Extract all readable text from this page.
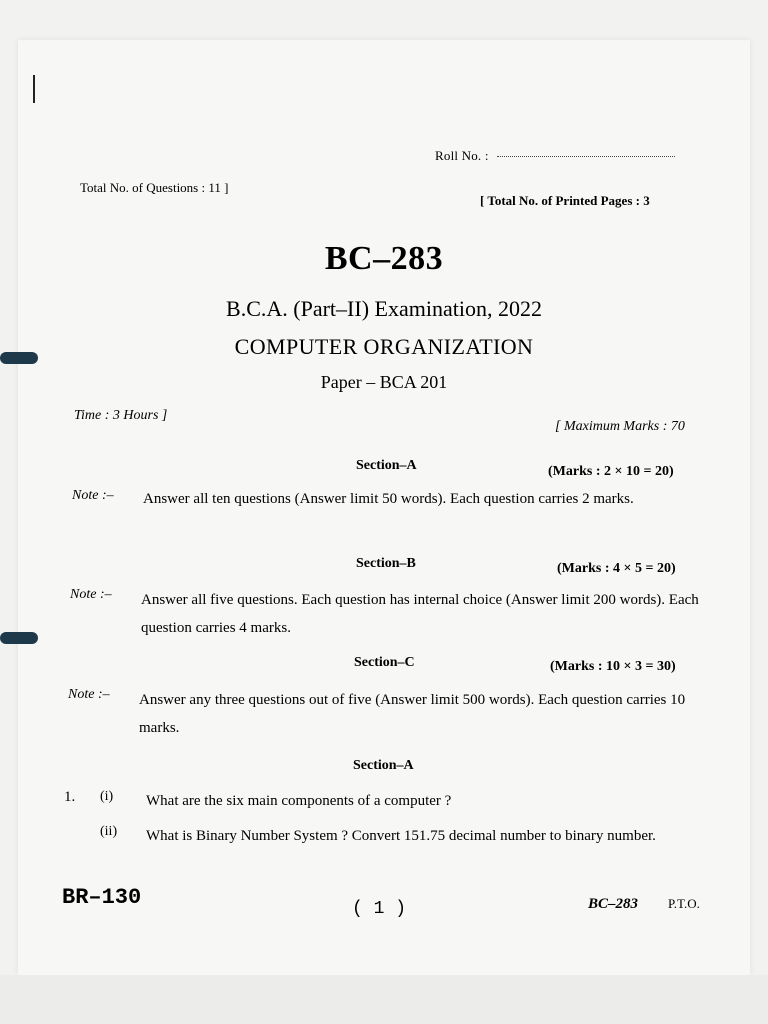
Roll No. :
Total No. of Questions : 11 ]
[ Total No. of Printed Pages : 3
BC–283
B.C.A. (Part–II) Examination, 2022
COMPUTER ORGANIZATION
Paper – BCA 201
Time : 3 Hours ]
[ Maximum Marks : 70
Section–A	(Marks : 2 × 10 = 20)
Note :– Answer all ten questions (Answer limit 50 words). Each question carries 2 marks.
Section–B	(Marks : 4 × 5 = 20)
Note :– Answer all five questions. Each question has internal choice (Answer limit 200 words). Each question carries 4 marks.
Section–C	(Marks : 10 × 3 = 30)
Note :– Answer any three questions out of five (Answer limit 500 words). Each question carries 10 marks.
Section–A
1. (i) What are the six main components of a computer ?
(ii) What is Binary Number System ? Convert 151.75 decimal number to binary number.
BR–130	( 1 )	BC–283 P.T.O.
